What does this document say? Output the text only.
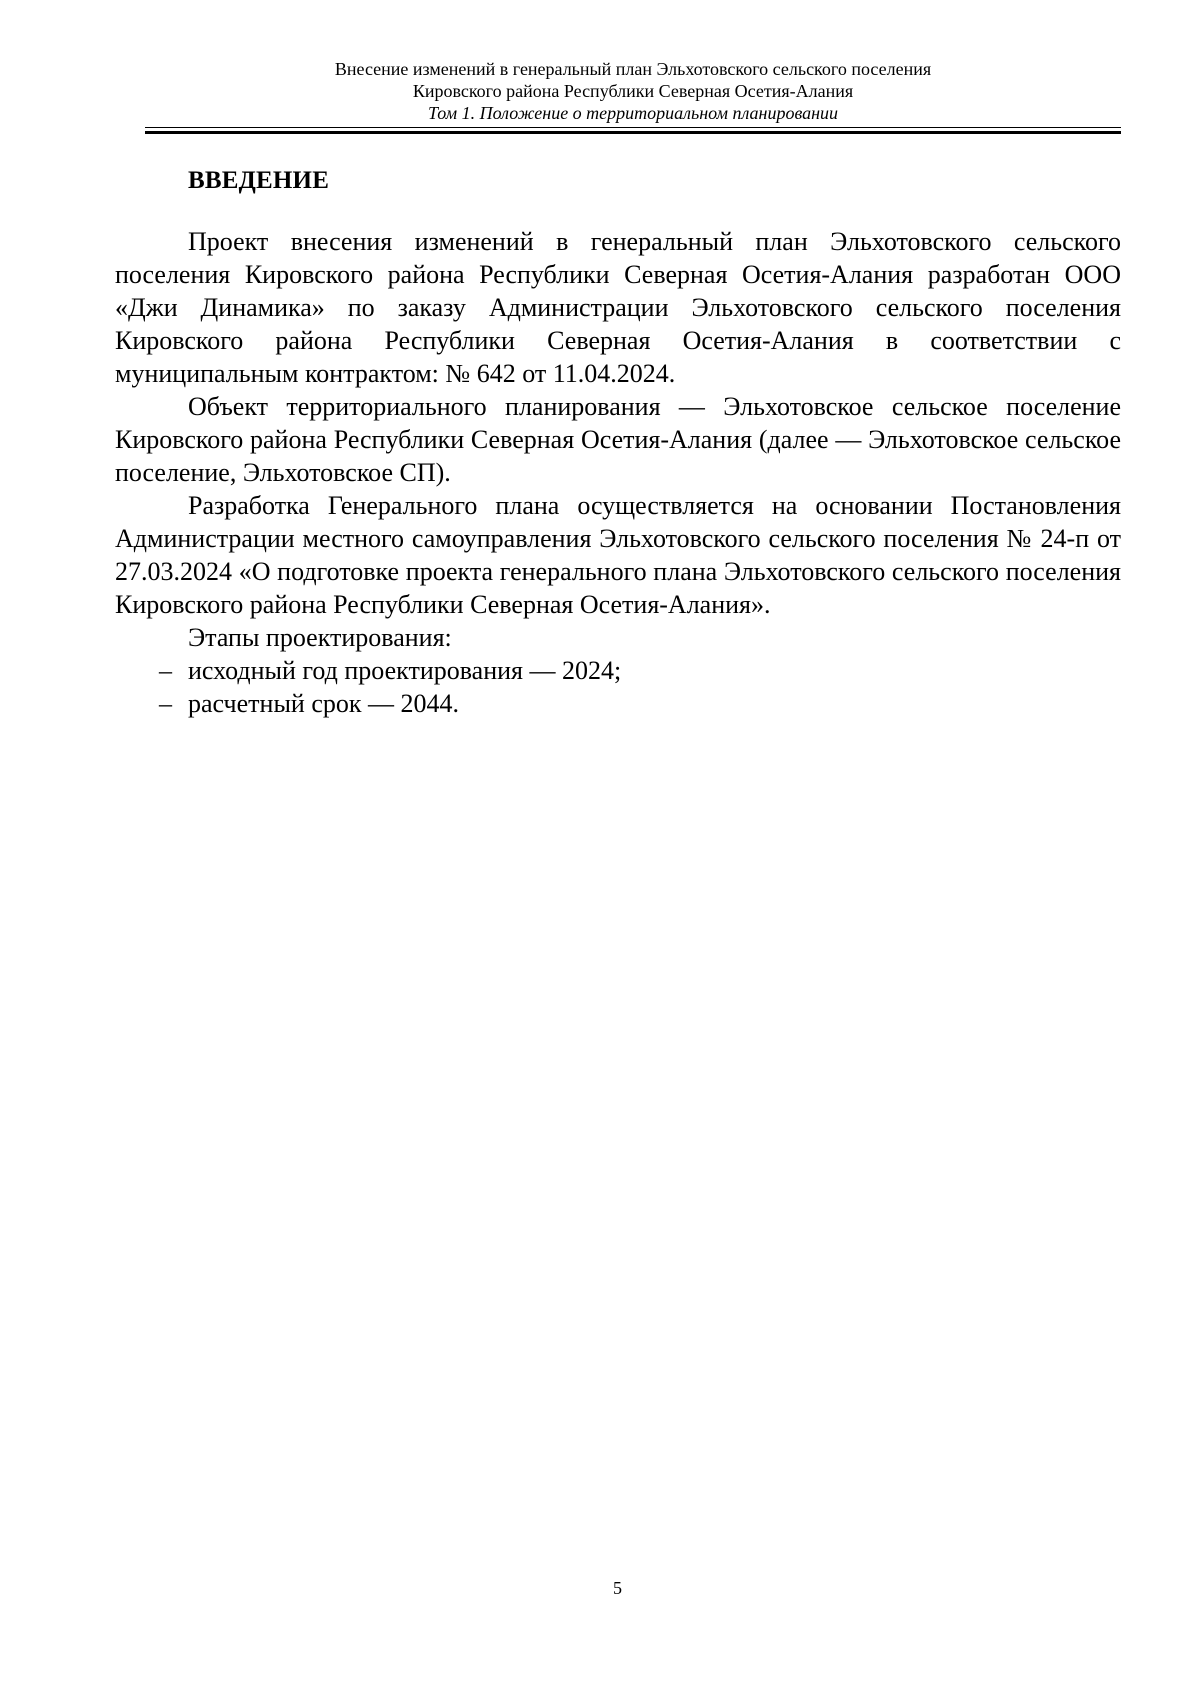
Внесение изменений в генеральный план Эльхотовского сельского поселения
Кировского района Республики Северная Осетия-Алания
Том 1. Положение о территориальном планировании
ВВЕДЕНИЕ

Проект внесения изменений в генеральный план Эльхотовского сельского поселения Кировского района Республики Северная Осетия-Алания разработан ООО «Джи Динамика» по заказу Администрации Эльхотовского сельского поселения Кировского района Республики Северная Осетия-Алания в соответствии с муниципальным контрактом: № 642 от 11.04.2024.

Объект территориального планирования — Эльхотовское сельское поселение Кировского района Республики Северная Осетия-Алания (далее — Эльхотовское сельское поселение, Эльхотовское СП).

Разработка Генерального плана осуществляется на основании Постановления Администрации местного самоуправления Эльхотовского сельского поселения № 24-п от 27.03.2024 «О подготовке проекта генерального плана Эльхотовского сельского поселения Кировского района Республики Северная Осетия-Алания».

Этапы проектирования:

– исходный год проектирования — 2024;
– расчетный срок — 2044.
5
